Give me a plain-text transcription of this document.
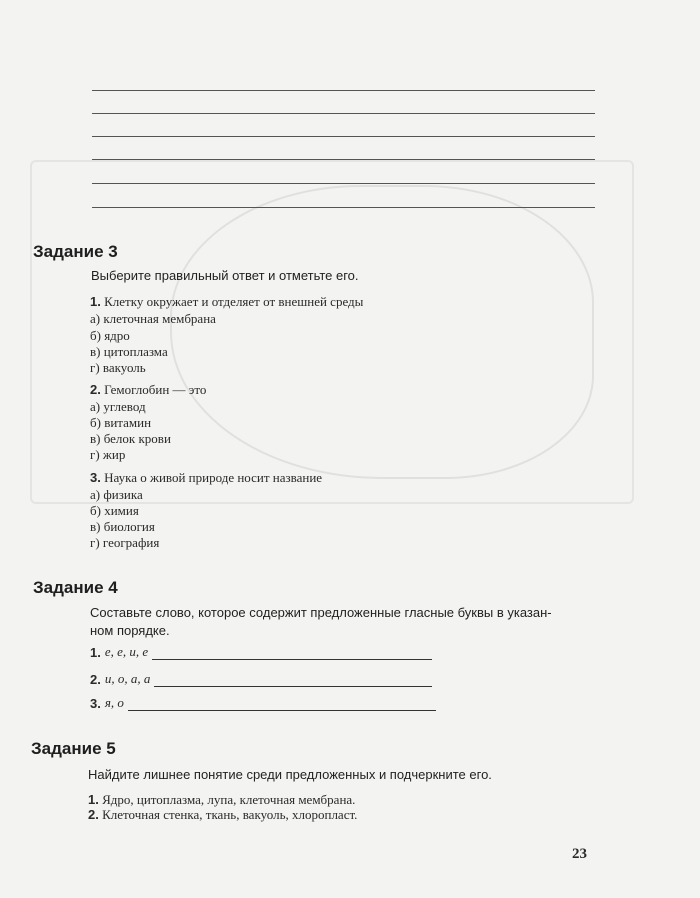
Задание 3

Выберите правильный ответ и отметьте его.

1. Клетку окружает и отделяет от внешней среды

а) клеточная мембрана

б) ядро

в) цитоплазма

г) вакуоль

2. Гемоглобин — это

а) углевод

б) витамин

в) белок крови

г) жир

3. Наука о живой природе носит название

а) физика

б) химия

в) биология

г) география

Задание 4

Составьте слово, которое содержит предложенные гласные буквы в указан-

ном порядке.

1. е, е, и, е
2. и, о, а, а
3. я, о
Задание 5

Найдите лишнее понятие среди предложенных и подчеркните его.

1. Ядро, цитоплазма, лупа, клеточная мембрана.

2. Клеточная стенка, ткань, вакуоль, хлоропласт.

23
